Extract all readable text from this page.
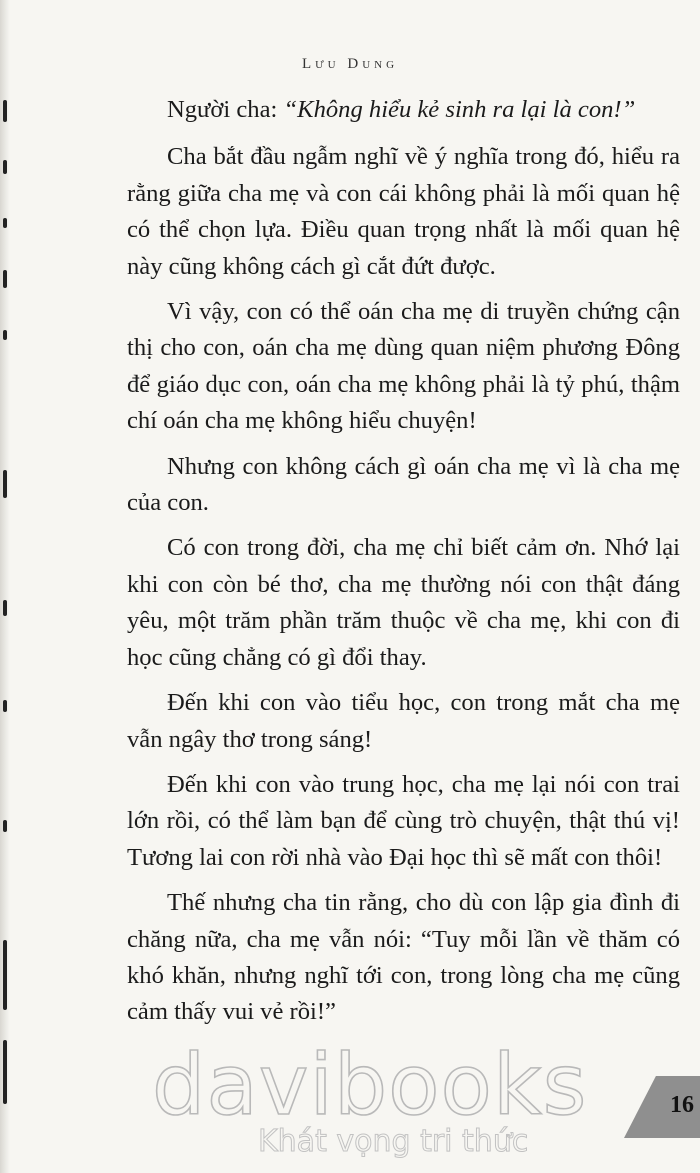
Lưu Dung

Người cha: “Không hiểu kẻ sinh ra lại là con!”

Cha bắt đầu ngẫm nghĩ về ý nghĩa trong đó, hiểu ra rằng giữa cha mẹ và con cái không phải là mối quan hệ có thể chọn lựa. Điều quan trọng nhất là mối quan hệ này cũng không cách gì cắt đứt được.

Vì vậy, con có thể oán cha mẹ di truyền chứng cận thị cho con, oán cha mẹ dùng quan niệm phương Đông để giáo dục con, oán cha mẹ không phải là tỷ phú, thậm chí oán cha mẹ không hiểu chuyện!

Nhưng con không cách gì oán cha mẹ vì là cha mẹ của con.

Có con trong đời, cha mẹ chỉ biết cảm ơn. Nhớ lại khi con còn bé thơ, cha mẹ thường nói con thật đáng yêu, một trăm phần trăm thuộc về cha mẹ, khi con đi học cũng chẳng có gì đổi thay.

Đến khi con vào tiểu học, con trong mắt cha mẹ vẫn ngây thơ trong sáng!

Đến khi con vào trung học, cha mẹ lại nói con trai lớn rồi, có thể làm bạn để cùng trò chuyện, thật thú vị! Tương lai con rời nhà vào Đại học thì sẽ mất con thôi!

Thế nhưng cha tin rằng, cho dù con lập gia đình đi chăng nữa, cha mẹ vẫn nói: “Tuy mỗi lần về thăm có khó khăn, nhưng nghĩ tới con, trong lòng cha mẹ cũng cảm thấy vui vẻ rồi!”

davibooks
Khát vọng tri thức
16
